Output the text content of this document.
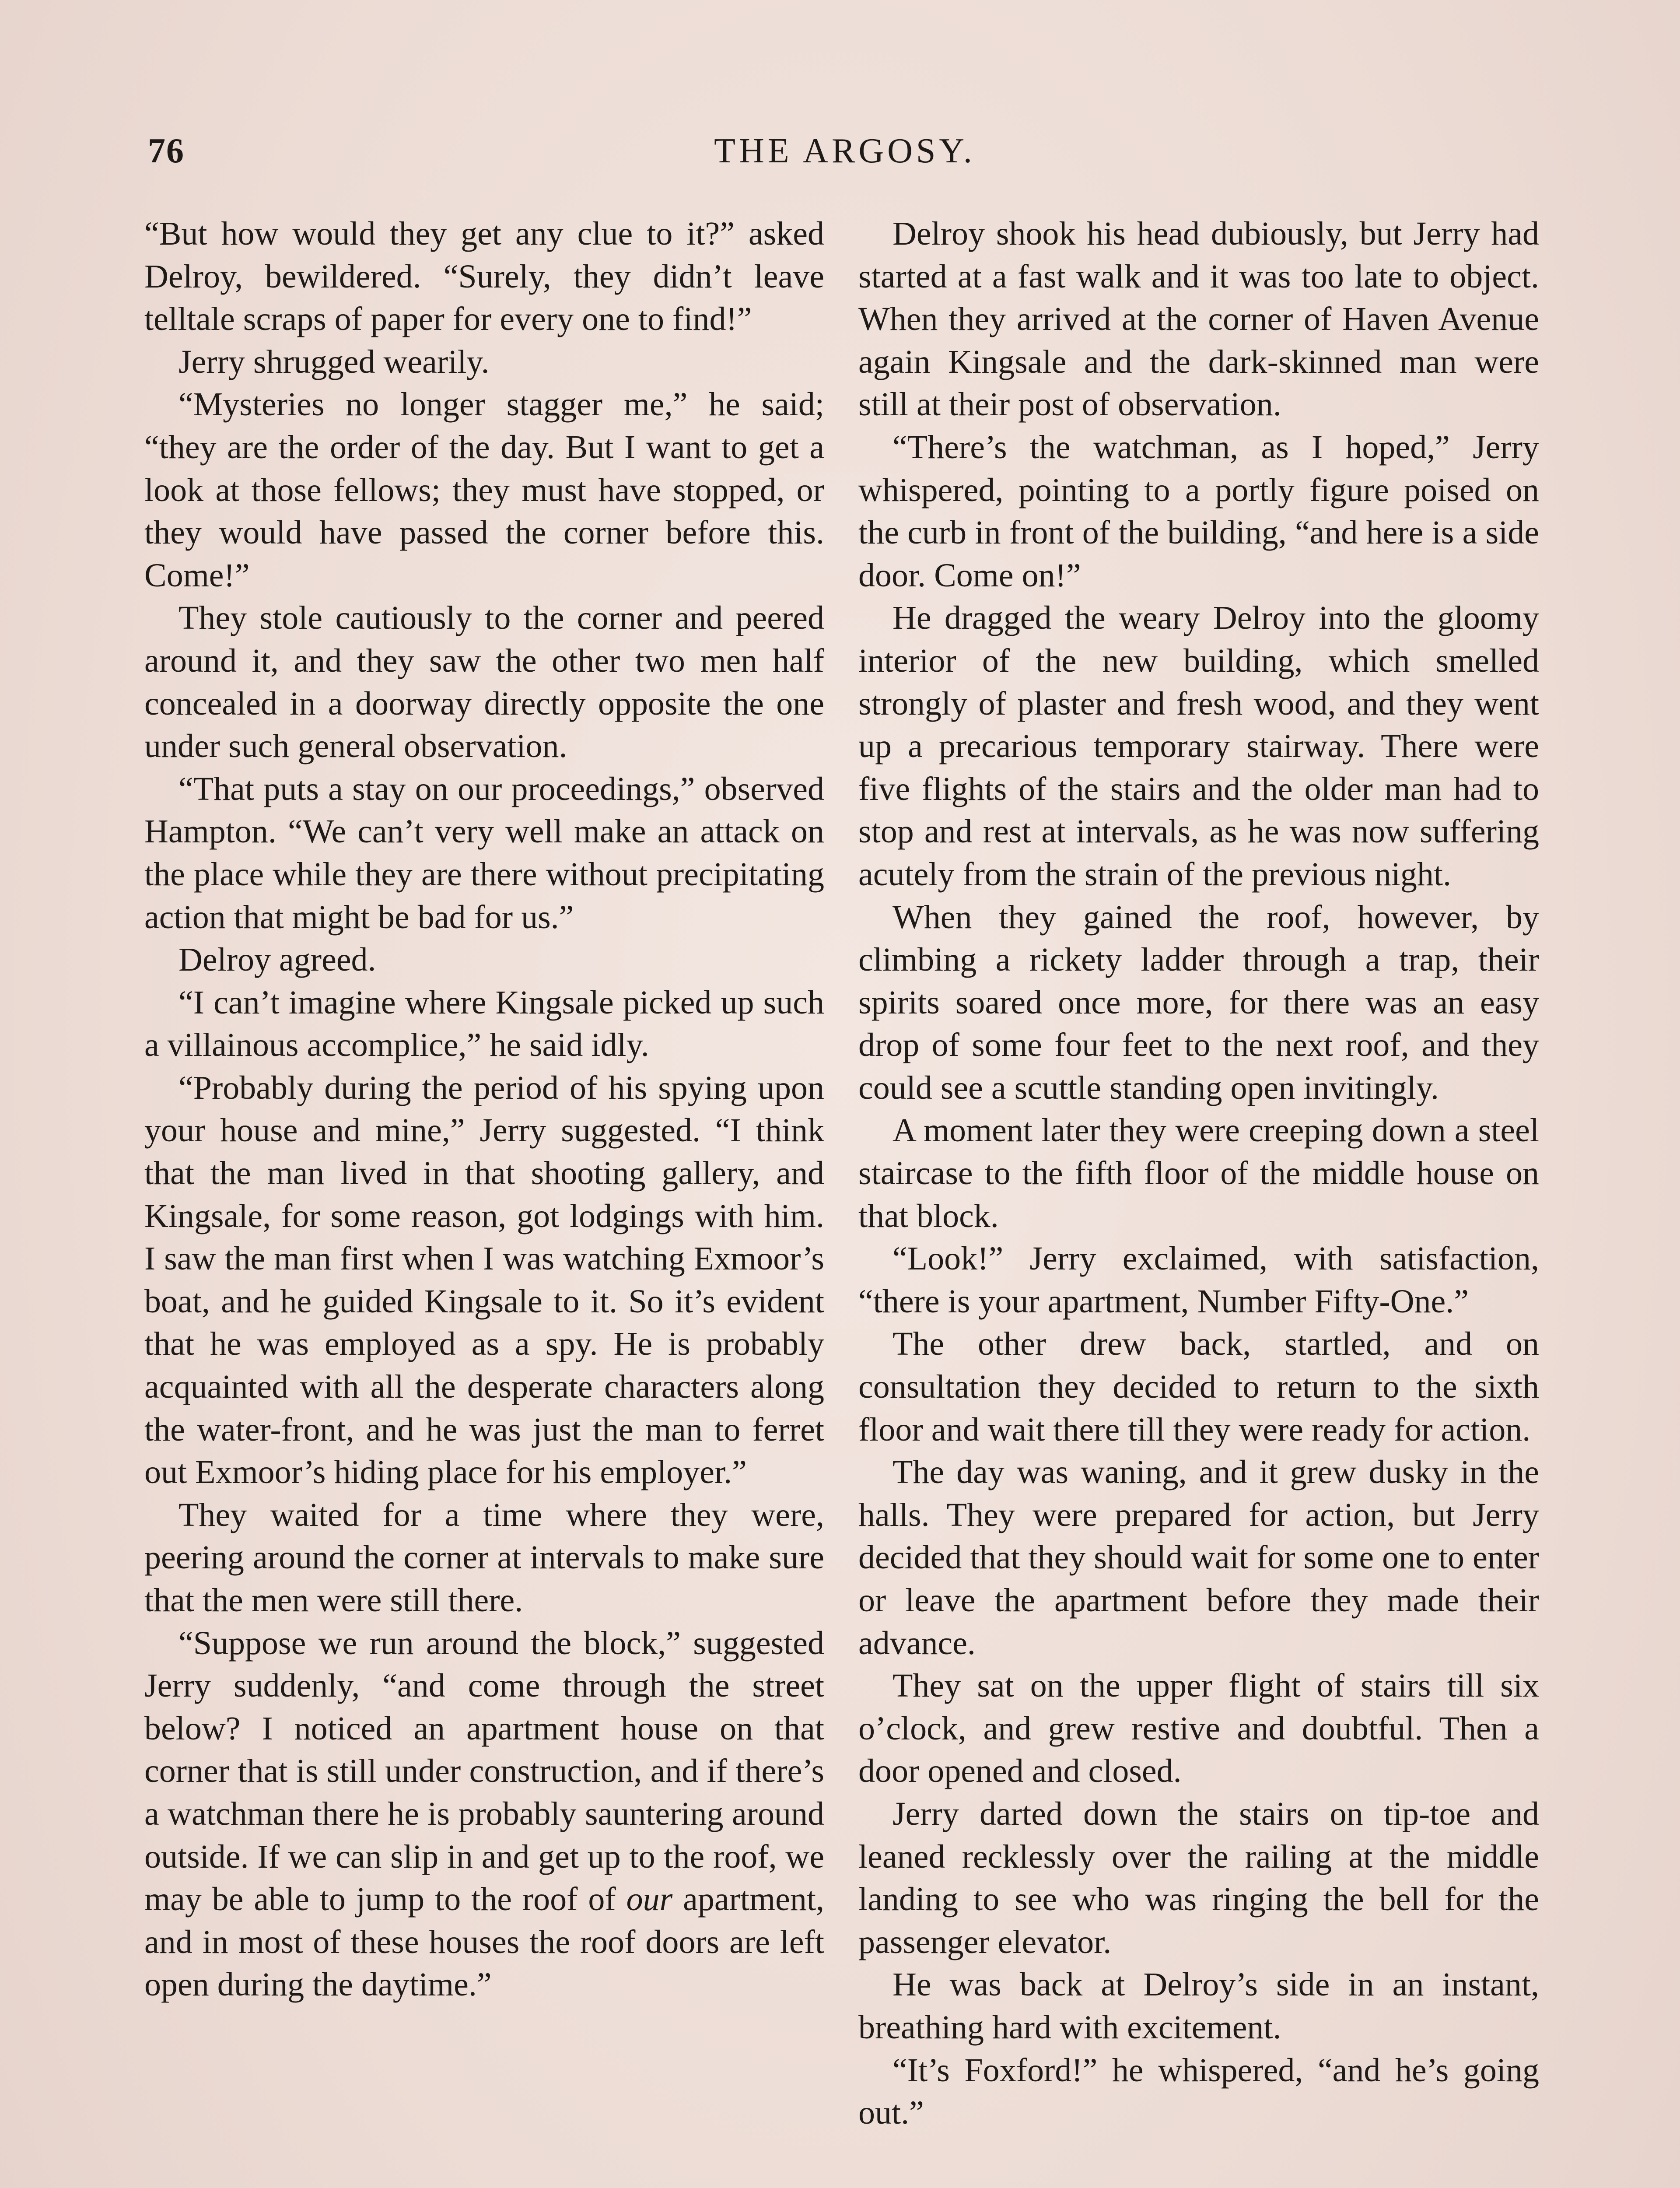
76	THE ARGOSY.

“But how would they get any clue to it?” asked Delroy, bewildered. “Surely, they didn’t leave telltale scraps of paper for every one to find!”

Jerry shrugged wearily.

“Mysteries no longer stagger me,” he said; “they are the order of the day. But I want to get a look at those fellows; they must have stopped, or they would have passed the corner before this. Come!”

They stole cautiously to the corner and peered around it, and they saw the other two men half concealed in a doorway directly opposite the one under such general observation.

“That puts a stay on our proceedings,” observed Hampton. “We can’t very well make an attack on the place while they are there without precipitating action that might be bad for us.”

Delroy agreed.

“I can’t imagine where Kingsale picked up such a villainous accomplice,” he said idly.

“Probably during the period of his spying upon your house and mine,” Jerry suggested. “I think that the man lived in that shooting gallery, and Kingsale, for some reason, got lodgings with him. I saw the man first when I was watching Exmoor’s boat, and he guided Kingsale to it. So it’s evident that he was employed as a spy. He is probably acquainted with all the desperate characters along the water-front, and he was just the man to ferret out Exmoor’s hiding place for his employer.”

They waited for a time where they were, peering around the corner at intervals to make sure that the men were still there.

“Suppose we run around the block,” suggested Jerry suddenly, “and come through the street below? I noticed an apartment house on that corner that is still under construction, and if there’s a watchman there he is probably sauntering around outside. If we can slip in and get up to the roof, we may be able to jump to the roof of our apartment, and in most of these houses the roof doors are left open during the daytime.”

Delroy shook his head dubiously, but Jerry had started at a fast walk and it was too late to object. When they arrived at the corner of Haven Avenue again Kingsale and the dark-skinned man were still at their post of observation.

“There’s the watchman, as I hoped,” Jerry whispered, pointing to a portly figure poised on the curb in front of the building, “and here is a side door. Come on!”

He dragged the weary Delroy into the gloomy interior of the new building, which smelled strongly of plaster and fresh wood, and they went up a precarious temporary stairway. There were five flights of the stairs and the older man had to stop and rest at intervals, as he was now suffering acutely from the strain of the previous night.

When they gained the roof, however, by climbing a rickety ladder through a trap, their spirits soared once more, for there was an easy drop of some four feet to the next roof, and they could see a scuttle standing open invitingly.

A moment later they were creeping down a steel staircase to the fifth floor of the middle house on that block.

“Look!” Jerry exclaimed, with satisfaction, “there is your apartment, Number Fifty-One.”

The other drew back, startled, and on consultation they decided to return to the sixth floor and wait there till they were ready for action.

The day was waning, and it grew dusky in the halls. They were prepared for action, but Jerry decided that they should wait for some one to enter or leave the apartment before they made their advance.

They sat on the upper flight of stairs till six o’clock, and grew restive and doubtful. Then a door opened and closed.

Jerry darted down the stairs on tip-toe and leaned recklessly over the railing at the middle landing to see who was ringing the bell for the passenger elevator.

He was back at Delroy’s side in an instant, breathing hard with excitement.

“It’s Foxford!” he whispered, “and he’s going out.”
